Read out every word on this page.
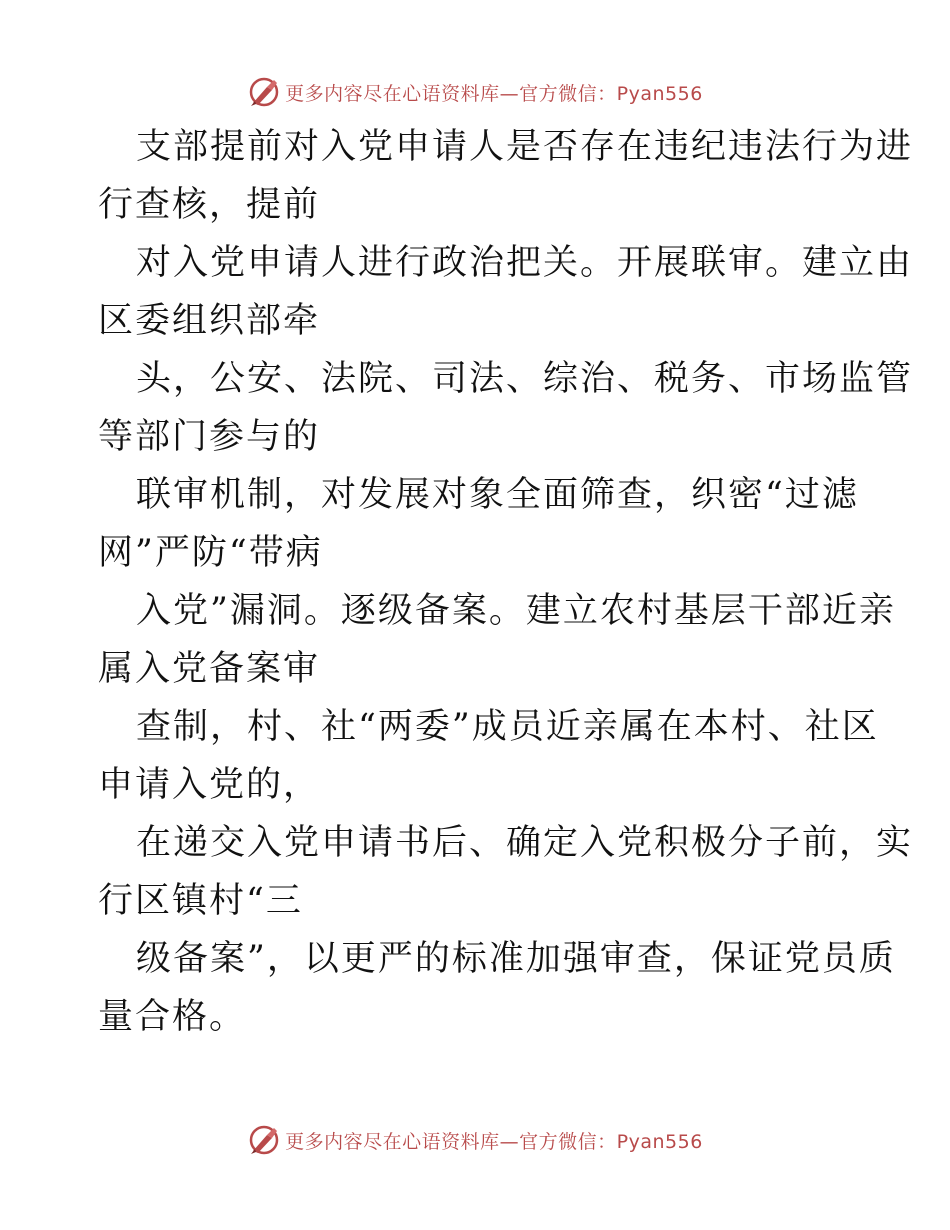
更多内容尽在心语资料库—官方微信：Pyan556
支部提前对入党申请人是否存在违纪违法行为进
行查核，提前
对入党申请人进行政治把关。开展联审。建立由
区委组织部牵
头，公安、法院、司法、综治、税务、市场监管
等部门参与的
联审机制，对发展对象全面筛查，织密“过滤
网”严防“带病
入党”漏洞。逐级备案。建立农村基层干部近亲
属入党备案审
查制，村、社“两委”成员近亲属在本村、社区
申请入党的，
在递交入党申请书后、确定入党积极分子前，实
行区镇村“三
级备案”，以更严的标准加强审查，保证党员质
量合格。
更多内容尽在心语资料库—官方微信：Pyan556
